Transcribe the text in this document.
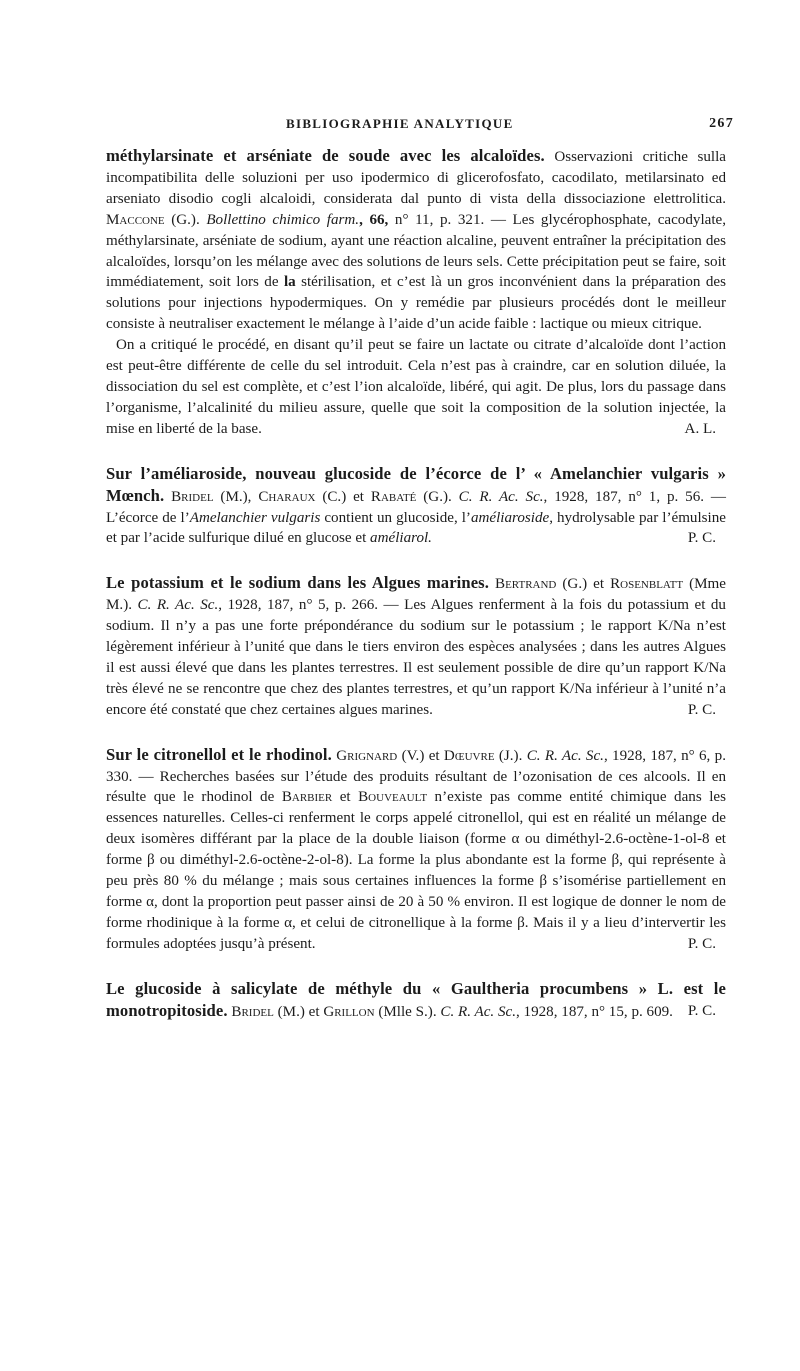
BIBLIOGRAPHIE ANALYTIQUE	267

méthylarsinate et arséniate de soude avec les alcaloïdes. Osservazioni critiche sulla incompatibilita delle soluzioni per uso ipodermico di glicerofosfato, cacodilato, metilarsinato ed arseniato disodio cogli alcaloidi, considerata dal punto di vista della dissociazione elettrolitica. Maccone (G.). Bollettino chimico farm., 66, n° 11, p. 321. — Les glycérophosphate, cacodylate, méthylarsinate, arséniate de sodium, ayant une réaction alcaline, peuvent entraîner la précipitation des alcaloïdes, lorsqu’on les mélange avec des solutions de leurs sels. Cette précipitation peut se faire, soit immédiatement, soit lors de la stérilisation, et c’est là un gros inconvénient dans la préparation des solutions pour injections hypodermiques. On y remédie par plusieurs procédés dont le meilleur consiste à neutraliser exactement le mélange à l’aide d’un acide faible : lactique ou mieux citrique.

On a critiqué le procédé, en disant qu’il peut se faire un lactate ou citrate d’alcaloïde dont l’action est peut-être différente de celle du sel introduit. Cela n’est pas à craindre, car en solution diluée, la dissociation du sel est complète, et c’est l’ion alcaloïde, libéré, qui agit. De plus, lors du passage dans l’organisme, l’alcalinité du milieu assure, quelle que soit la composition de la solution injectée, la mise en liberté de la base.	A. L.

Sur l’améliaroside, nouveau glucoside de l’écorce de l’ « Amelanchier vulgaris » Mœnch. Bridel (M.), Charaux (C.) et Rabaté (G.). C. R. Ac. Sc., 1928, 187, n° 1, p. 56. — L’écorce de l’Amelanchier vulgaris contient un glucoside, l’améliaroside, hydrolysable par l’émulsine et par l’acide sulfurique dilué en glucose et améliarol.	P. C.

Le potassium et le sodium dans les Algues marines. Bertrand (G.) et Rosenblatt (Mme M.). C. R. Ac. Sc., 1928, 187, n° 5, p. 266. — Les Algues renferment à la fois du potassium et du sodium. Il n’y a pas une forte prépondérance du sodium sur le potassium ; le rapport K/Na n’est légèrement inférieur à l’unité que dans le tiers environ des espèces analysées ; dans les autres Algues il est aussi élevé que dans les plantes terrestres. Il est seulement possible de dire qu’un rapport K/Na très élevé ne se rencontre que chez des plantes terrestres, et qu’un rapport K/Na inférieur à l’unité n’a encore été constaté que chez certaines algues marines.	P. C.

Sur le citronellol et le rhodinol. Grignard (V.) et Dœuvre (J.). C. R. Ac. Sc., 1928, 187, n° 6, p. 330. — Recherches basées sur l’étude des produits résultant de l’ozonisation de ces alcools. Il en résulte que le rhodinol de Barbier et Bouveault n’existe pas comme entité chimique dans les essences naturelles. Celles-ci renferment le corps appelé citronellol, qui est en réalité un mélange de deux isomères différant par la place de la double liaison (forme α ou diméthyl-2.6-octène-1-ol-8 et forme β ou diméthyl-2.6-octène-2-ol-8). La forme la plus abondante est la forme β, qui représente à peu près 80 % du mélange ; mais sous certaines influences la forme β s’isomérise partiellement en forme α, dont la proportion peut passer ainsi de 20 à 50 % environ. Il est logique de donner le nom de forme rhodinique à la forme α, et celui de citronellique à la forme β. Mais il y a lieu d’intervertir les formules adoptées jusqu’à présent.	P. C.

Le glucoside à salicylate de méthyle du « Gaultheria procumbens » L. est le monotropitoside. Bridel (M.) et Grillon (Mlle S.). C. R. Ac. Sc., 1928, 187, n° 15, p. 609. P. C.
